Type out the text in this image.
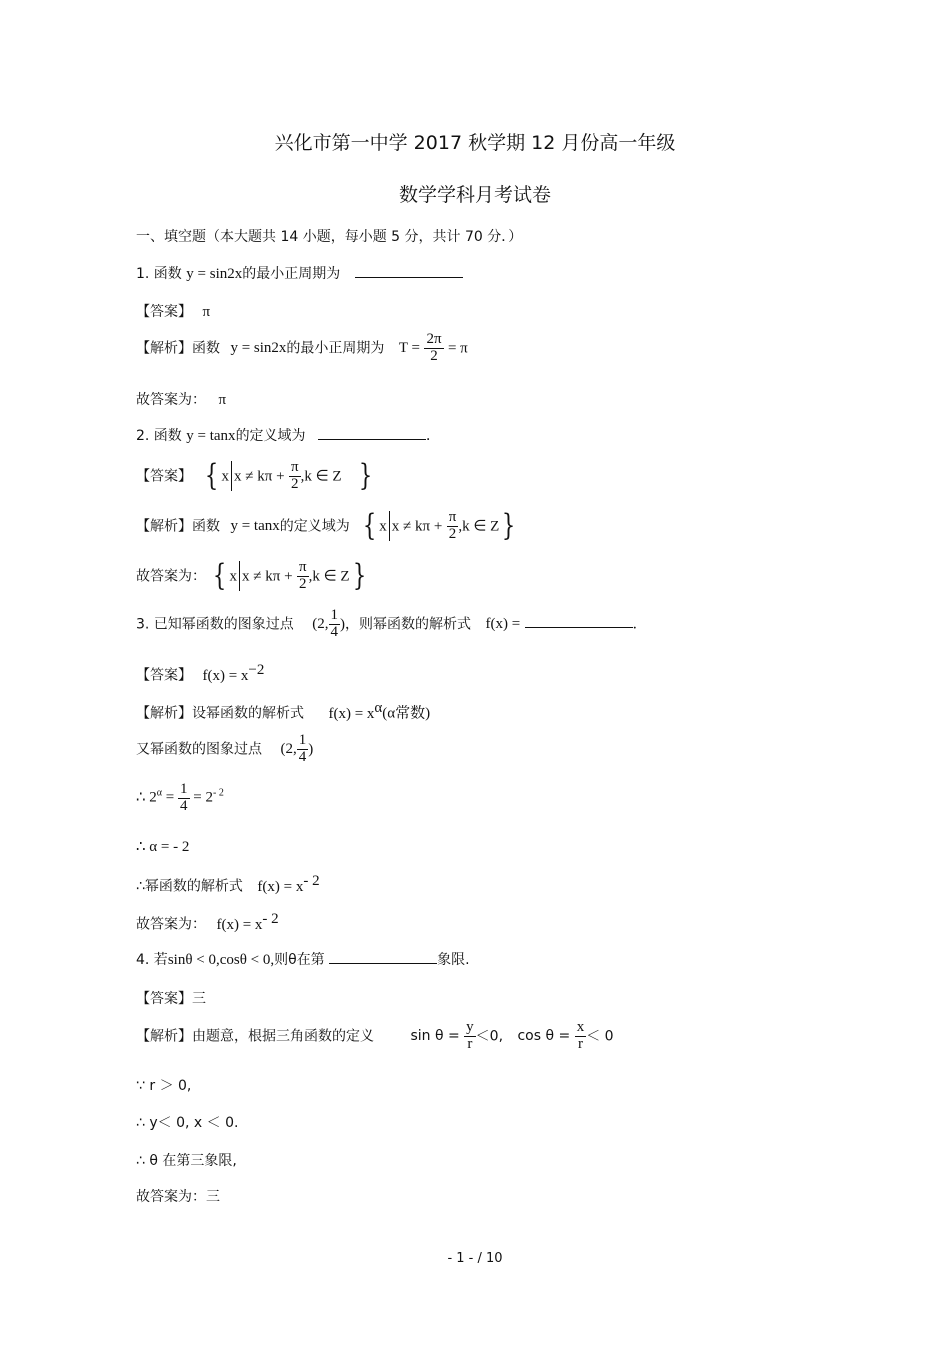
兴化市第一中学 2017 秋学期 12 月份高一年级
数学学科月考试卷
一、填空题（本大题共 14 小题，每小题 5 分，共计 70 分．）
1. 函数 y = sin2x的最小正周期为
【答案】 π
【解析】函数 y = sin2x的最小正周期为 $T = \frac{2\pi}{2} = \pi$
故答案为： π
2. 函数 y = tanx的定义域为	．
【答案】 { x $x \ne k\pi + \frac{\pi}{2} ,k$ ∈ Z }
【解析】函数 y = tanx的定义域为 { x $x \ne k\pi + \frac{\pi}{2} ,k$ ∈ Z}
故答案为： { x $x \ne k\pi + \frac{\pi}{2} ,k$ ∈ Z}
3. 已知幂函数的图象过点 (2, $\frac{1}{4}$ )，则幂函数的解析式 f(x) =	．
【答案】 $f(x) = x^{-2}$
【解析】设幂函数的解析式 $f(x) = x^\alpha(\alpha$常数)
又幂函数的图象过点 (2, $\frac{1}{4}$ )
∴ $2^\alpha = \frac{1}{4} = 2^{- 2}$
∴ α = - 2
∴幂函数的解析式 $f(x) = x^{- 2}$
故答案为： $f(x) = x^{- 2}$
4. 若sinθ < 0,cosθ < 0,则θ在第	象限.
【答案】三
【解析】由题意，根据三角函数的定义	$\sin \theta = \frac{y}{r} <0$, $\cos \theta = \frac{x}{r} < 0$
∵ r ＞ 0,
∴ y＜ 0, x ＜ 0.
∴ θ 在第三象限,
故答案为：三
- 1 - / 10
